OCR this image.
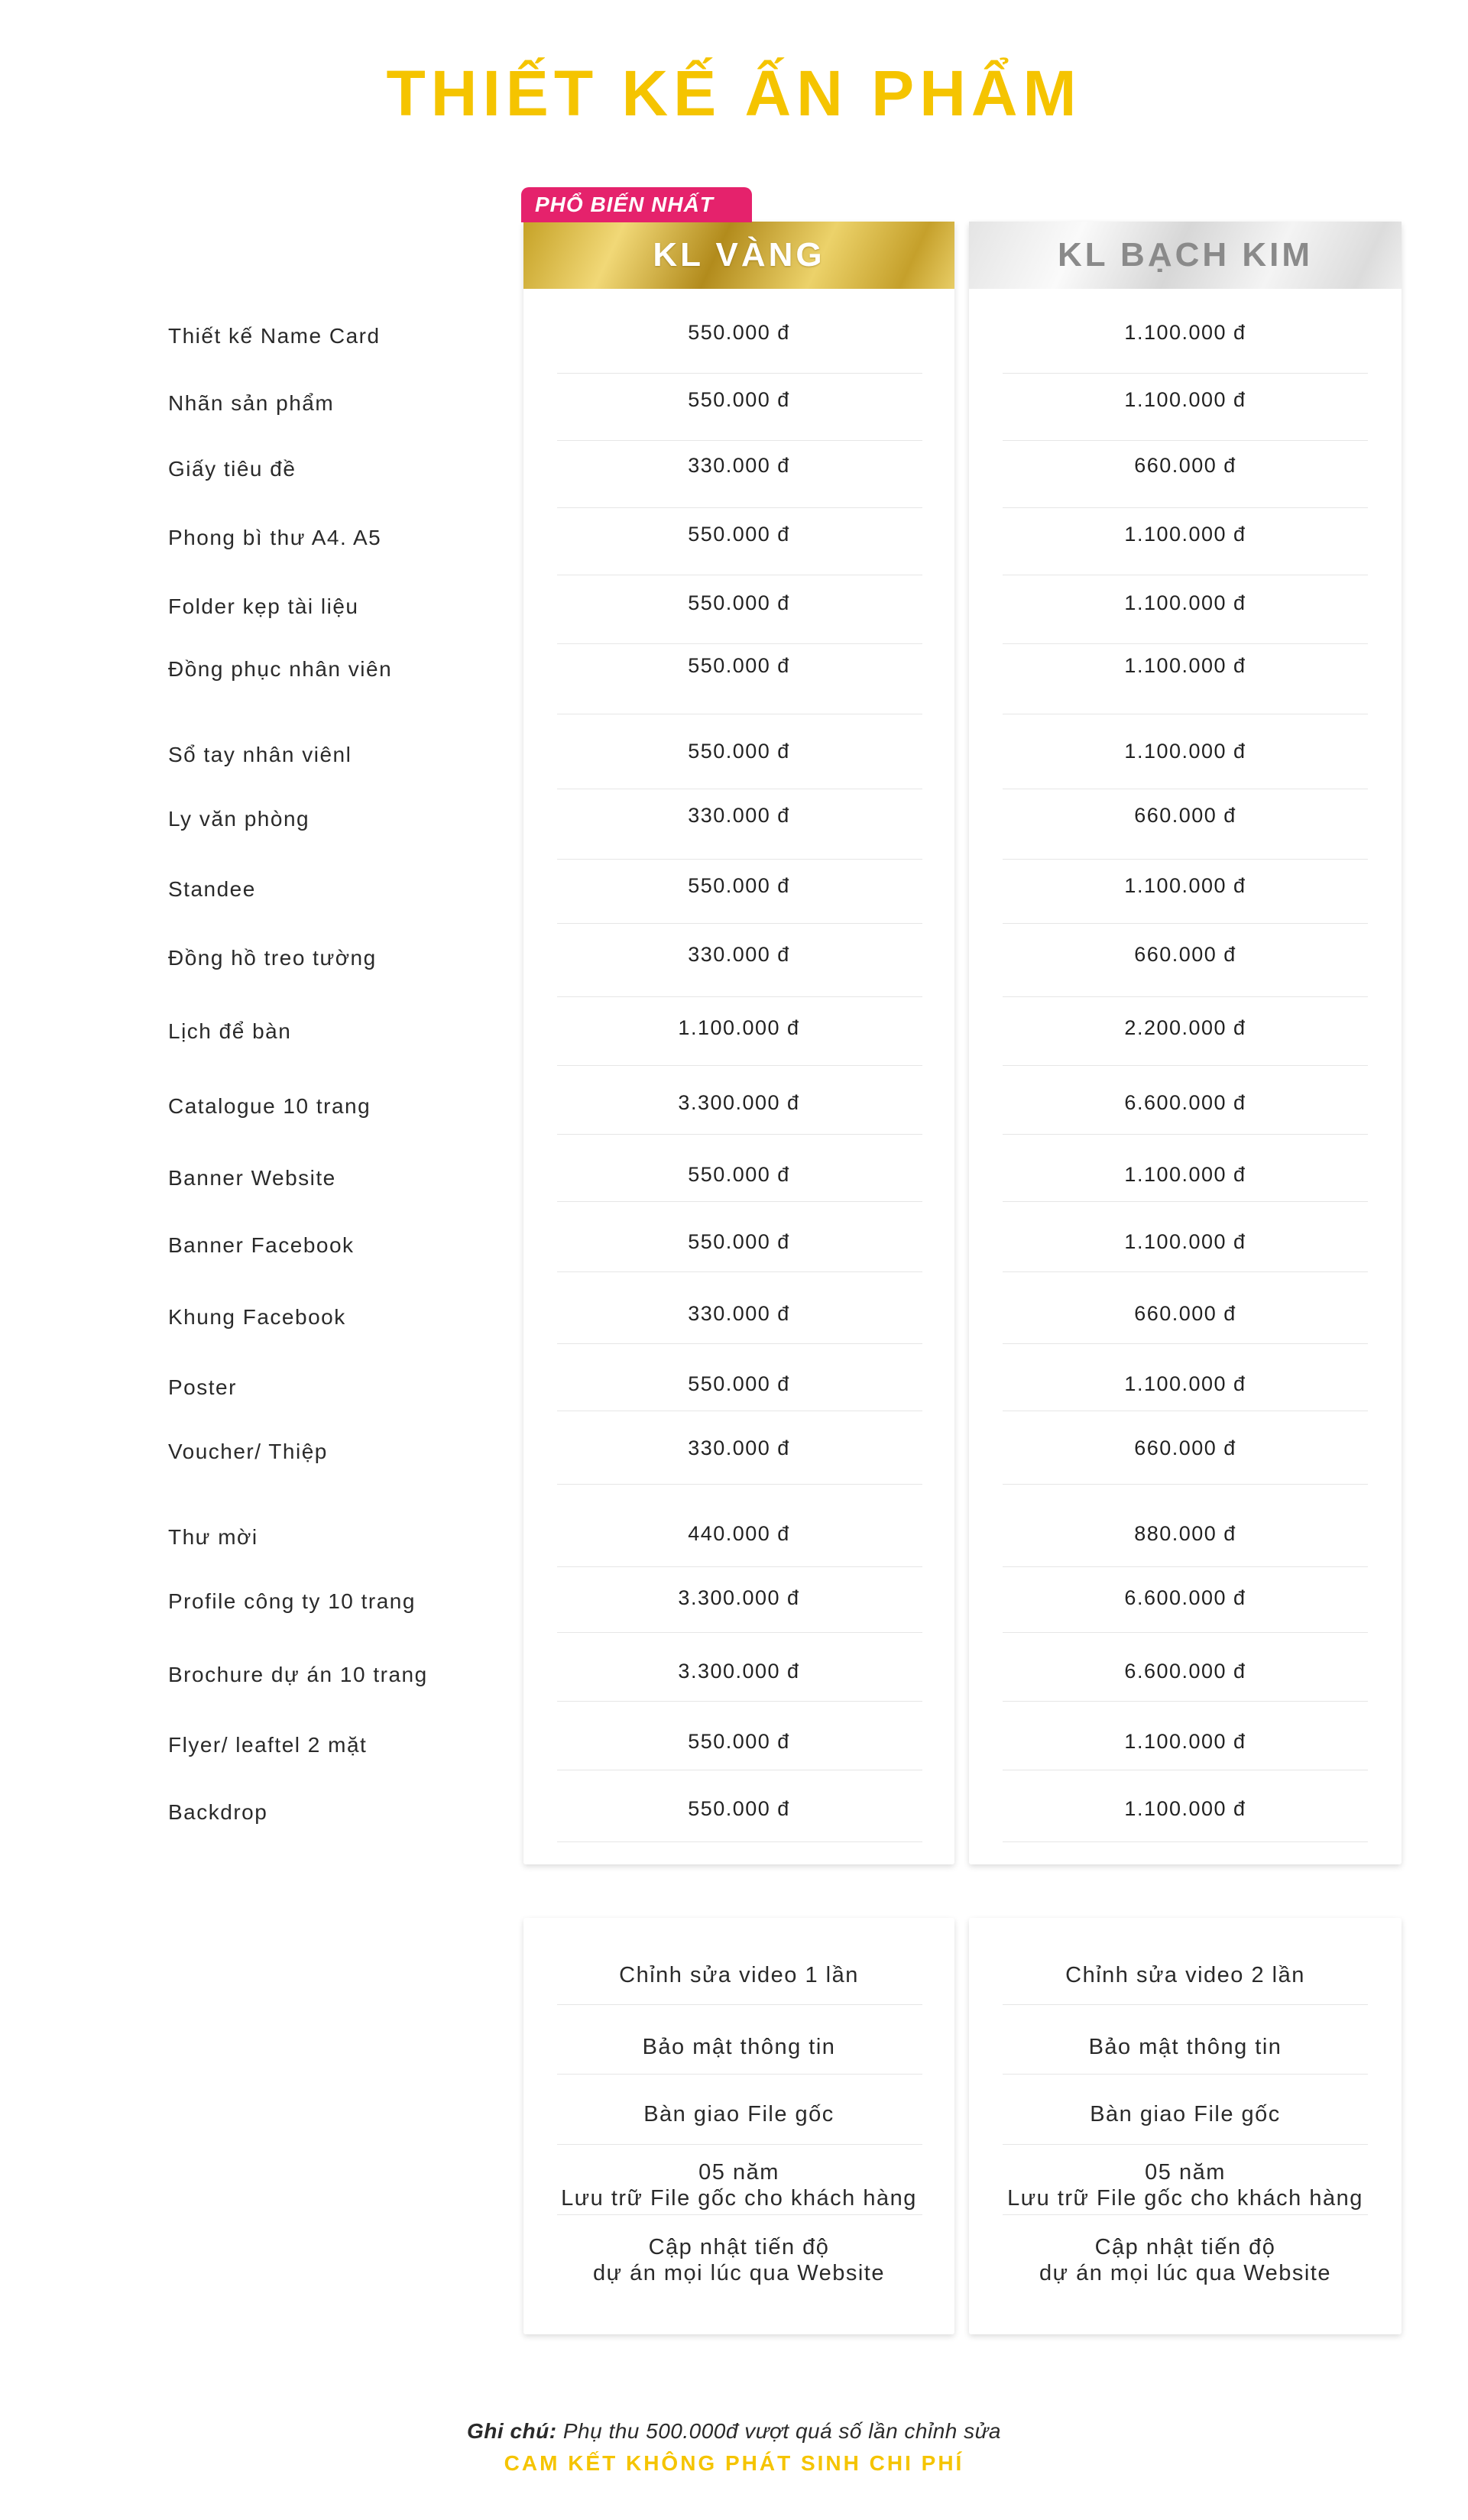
THIẾT KẾ ẤN PHẨM
KL VÀNG
550.000 đ
550.000 đ
330.000 đ
550.000 đ
550.000 đ
550.000 đ
550.000 đ
330.000 đ
550.000 đ
330.000 đ
1.100.000 đ
3.300.000 đ
550.000 đ
550.000 đ
330.000 đ
550.000 đ
330.000 đ
440.000 đ
3.300.000 đ
3.300.000 đ
550.000 đ
550.000 đ
KL BẠCH KIM
1.100.000 đ
1.100.000 đ
660.000 đ
1.100.000 đ
1.100.000 đ
1.100.000 đ
1.100.000 đ
660.000 đ
1.100.000 đ
660.000 đ
2.200.000 đ
6.600.000 đ
1.100.000 đ
1.100.000 đ
660.000 đ
1.100.000 đ
660.000 đ
880.000 đ
6.600.000 đ
6.600.000 đ
1.100.000 đ
1.100.000 đ
PHỔ BIẾN NHẤT
Thiết kế Name Card
Nhãn sản phẩm
Giấy tiêu đề
Phong bì thư A4. A5
Folder kẹp tài liệu
Đồng phục nhân viên
Sổ tay nhân viênl
Ly văn phòng
Standee
Đồng hồ treo tường
Lịch để bàn
Catalogue 10 trang
Banner Website
Banner Facebook
Khung Facebook
Poster
Voucher/ Thiệp
Thư mời
Profile công ty 10 trang
Brochure dự án 10 trang
Flyer/ leaftel 2 mặt
Backdrop
Chỉnh sửa video 1 lần
Bảo mật thông tin
Bàn giao File gốc
05 năm
Lưu trữ File gốc cho khách hàng
Cập nhật tiến độ
dự án mọi lúc qua Website
Chỉnh sửa video 2 lần
Bảo mật thông tin
Bàn giao File gốc
05 năm
Lưu trữ File gốc cho khách hàng
Cập nhật tiến độ
dự án mọi lúc qua Website
Ghi chú: Phụ thu 500.000đ vượt quá số lần chỉnh sửa
CAM KẾT KHÔNG PHÁT SINH CHI PHÍ
